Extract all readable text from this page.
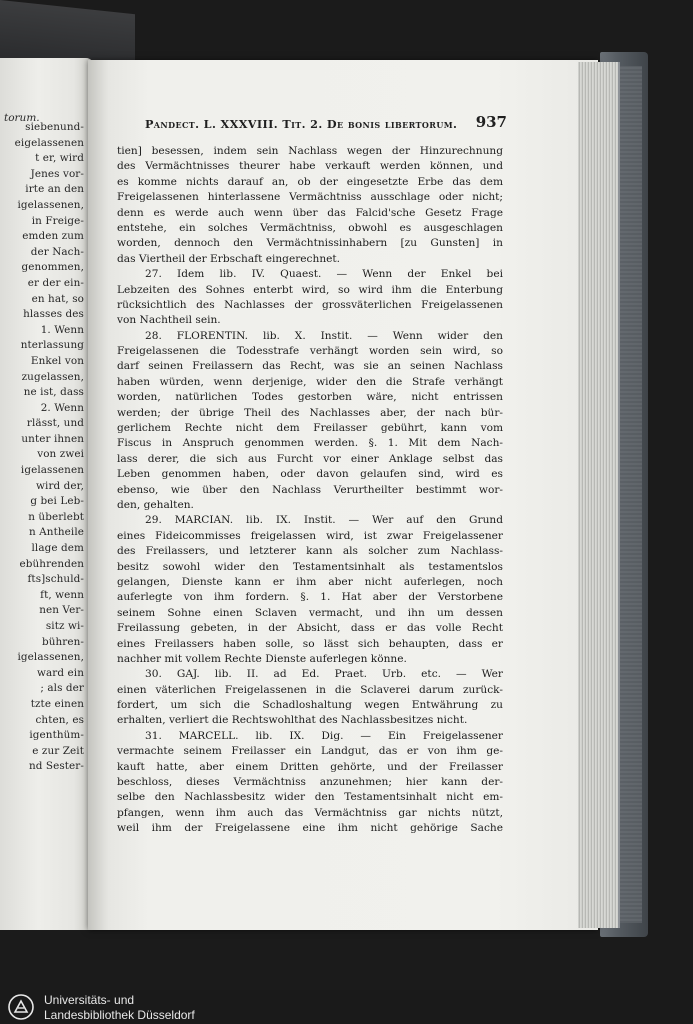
torum.
siebenund-
eigelassenen
t er, wird
Jenes vor-
irte an den
igelassenen,
in Freige-
emden zum
der Nach-
genommen,
er der ein-
en hat, so
hlasses des
1. Wenn
nterlassung
Enkel von
zugelassen,
ne ist, dass
2. Wenn
rlässt, und
unter ihnen
von zwei
igelassenen
wird der,
g bei Leb-
n überlebt
n Antheile
llage dem
ebührenden
fts]schuld-
ft, wenn
nen Ver-
sitz wi-
bühren-
igelassenen,
ward ein
; als der
tzte einen
chten, es
igenthüm-
e zur Zeit
nd Sester-
Pandect. L. XXXVIII. Tit. 2. De bonis libertorum. 937
tien] besessen, indem sein Nachlass wegen der Hinzurechnung
des Vermächtnisses theurer habe verkauft werden können, und
es komme nichts darauf an, ob der eingesetzte Erbe das dem
Freigelassenen hinterlassene Vermächtniss ausschlage oder nicht;
denn es werde auch wenn über das Falcid'sche Gesetz Frage
entstehe, ein solches Vermächtniss, obwohl es ausgeschlagen
worden, dennoch den Vermächtnissinhabern [zu Gunsten] in
das Viertheil der Erbschaft eingerechnet.
27. Idem lib. IV. Quaest. — Wenn der Enkel bei
Lebzeiten des Sohnes enterbt wird, so wird ihm die Enterbung
rücksichtlich des Nachlasses der grossväterlichen Freigelassenen
von Nachtheil sein.
28. FLORENTIN. lib. X. Instit. — Wenn wider den
Freigelassenen die Todesstrafe verhängt worden sein wird, so
darf seinen Freilassern das Recht, was sie an seinen Nachlass
haben würden, wenn derjenige, wider den die Strafe verhängt
worden, natürlichen Todes gestorben wäre, nicht entrissen
werden; der übrige Theil des Nachlasses aber, der nach bür-
gerlichem Rechte nicht dem Freilasser gebührt, kann vom
Fiscus in Anspruch genommen werden. §. 1. Mit dem Nach-
lass derer, die sich aus Furcht vor einer Anklage selbst das
Leben genommen haben, oder davon gelaufen sind, wird es
ebenso, wie über den Nachlass Verurtheilter bestimmt wor-
den, gehalten.
29. MARCIAN. lib. IX. Instit. — Wer auf den Grund
eines Fideicommisses freigelassen wird, ist zwar Freigelassener
des Freilassers, und letzterer kann als solcher zum Nachlass-
besitz sowohl wider den Testamentsinhalt als testamentslos
gelangen, Dienste kann er ihm aber nicht auferlegen, noch
auferlegte von ihm fordern. §. 1. Hat aber der Verstorbene
seinem Sohne einen Sclaven vermacht, und ihn um dessen
Freilassung gebeten, in der Absicht, dass er das volle Recht
eines Freilassers haben solle, so lässt sich behaupten, dass er
nachher mit vollem Rechte Dienste auferlegen könne.
30. GAJ. lib. II. ad Ed. Praet. Urb. etc. — Wer
einen väterlichen Freigelassenen in die Sclaverei darum zurück-
fordert, um sich die Schadloshaltung wegen Entwährung zu
erhalten, verliert die Rechtswohlthat des Nachlassbesitzes nicht.
31. MARCELL. lib. IX. Dig. — Ein Freigelassener
vermachte seinem Freilasser ein Landgut, das er von ihm ge-
kauft hatte, aber einem Dritten gehörte, und der Freilasser
beschloss, dieses Vermächtniss anzunehmen; hier kann der-
selbe den Nachlassbesitz wider den Testamentsinhalt nicht em-
pfangen, wenn ihm auch das Vermächtniss gar nichts nützt,
weil ihm der Freigelassene eine ihm nicht gehörige Sache
Universitäts- und
Landesbibliothek Düsseldorf
